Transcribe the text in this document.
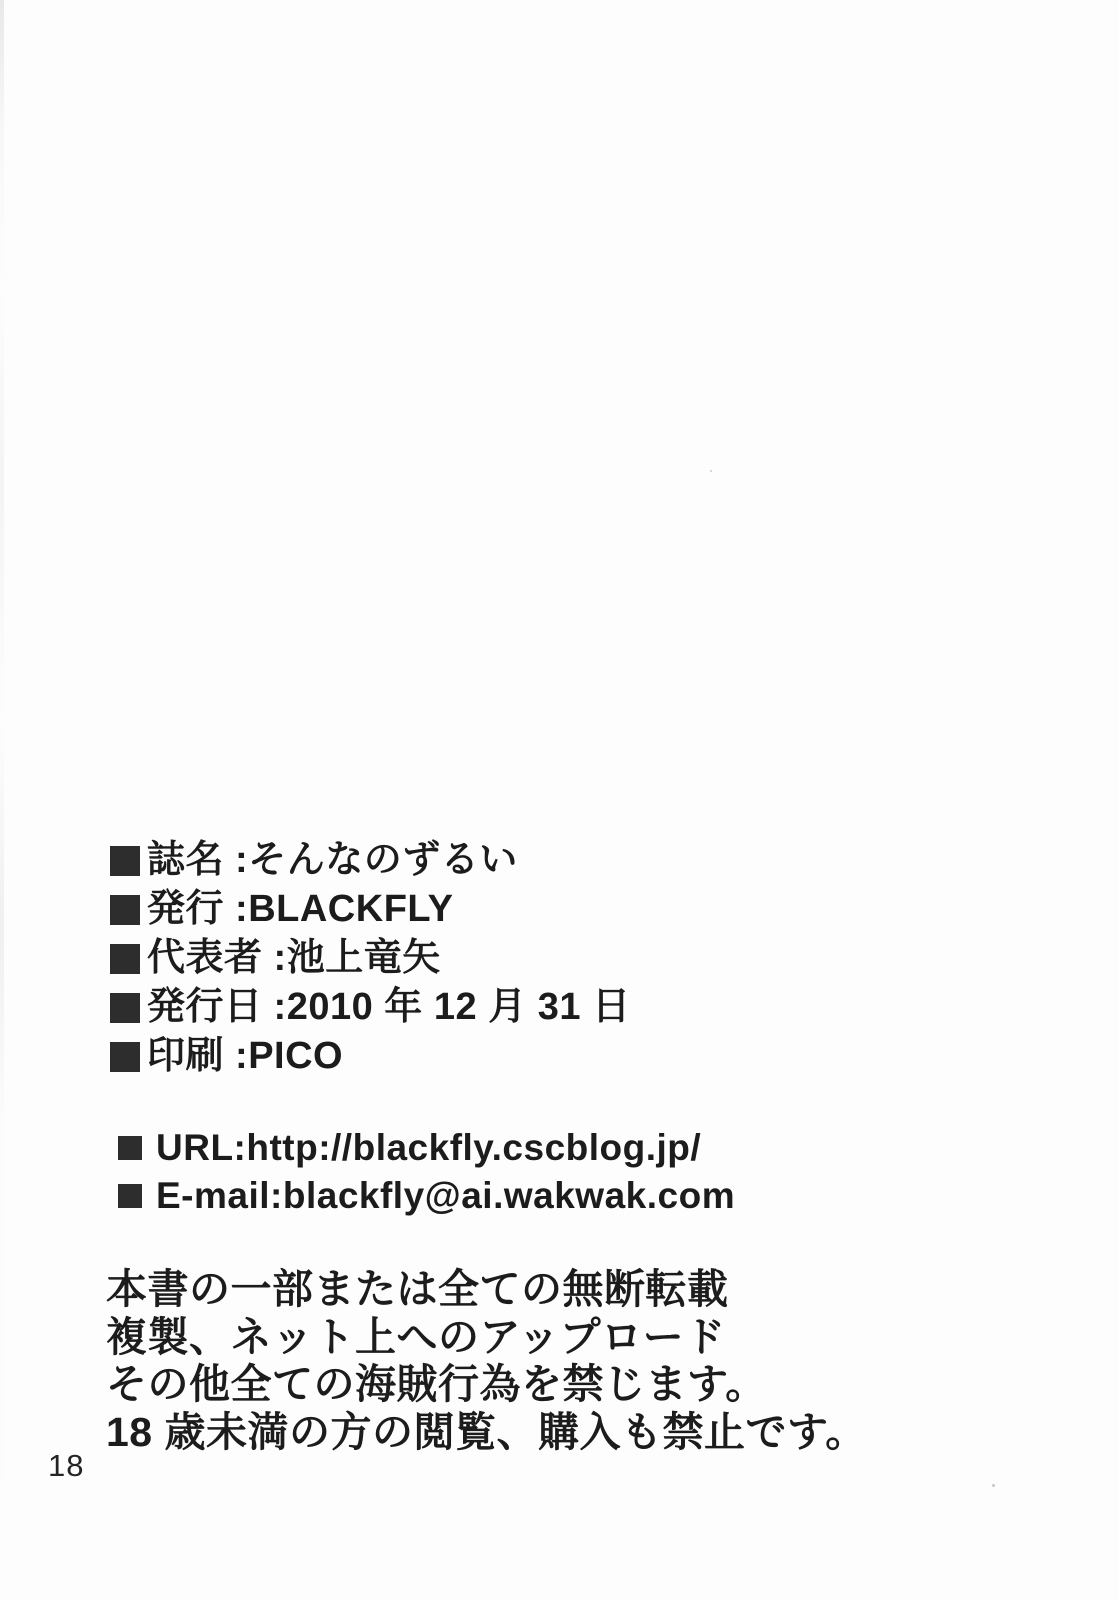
誌名 :そんなのずるい
発行 :BLACKFLY
代表者 :池上竜矢
発行日 :2010 年 12 月 31 日
印刷 :PICO
URL:http://blackfly.cscblog.jp/
E-mail:blackfly@ai.wakwak.com
本書の一部または全ての無断転載
複製、ネット上へのアップロード
その他全ての海賊行為を禁じます。
18 歳未満の方の閲覧、購入も禁止です。
18
